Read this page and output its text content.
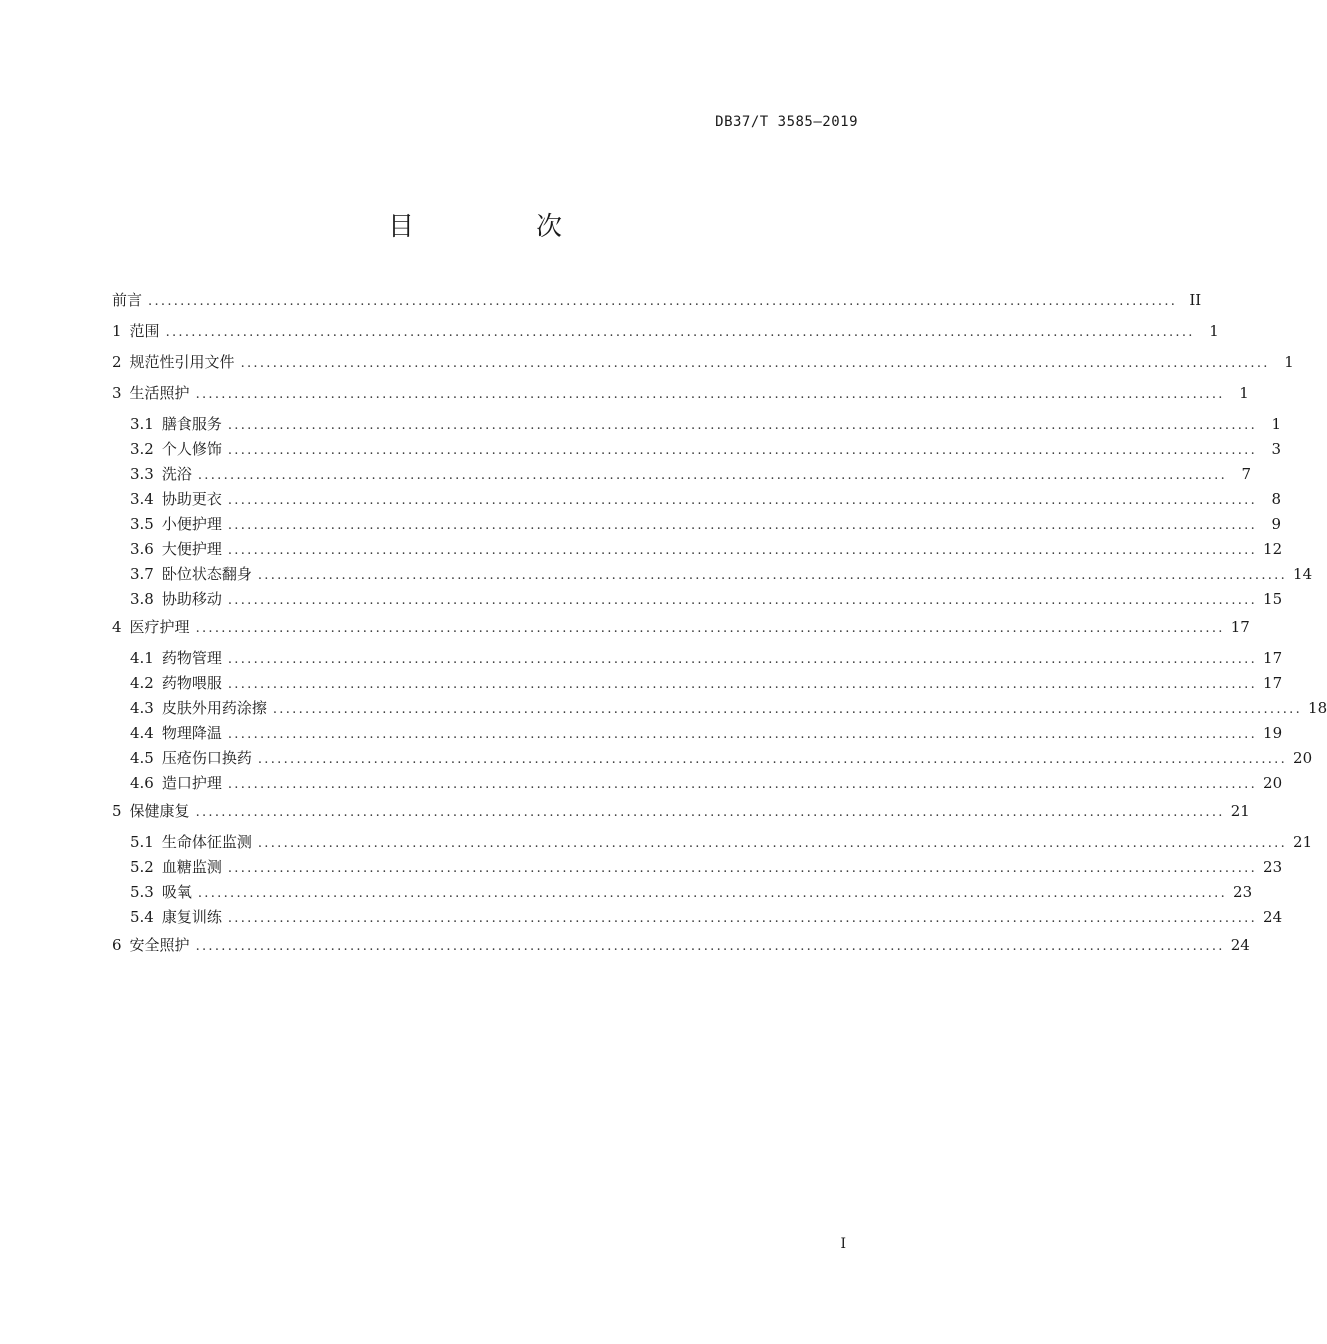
DB37/T 3585—2019
目　次
前言 ................................................................................................................................................................ II
1 范围 ................................................................................................................................................................ 1
2 规范性引用文件 ................................................................................................................................................................ 1
3 生活照护 ................................................................................................................................................................ 1
3.1 膳食服务 ................................................................................................................................................................ 1
3.2 个人修饰 ................................................................................................................................................................ 3
3.3 洗浴 ................................................................................................................................................................ 7
3.4 协助更衣 ................................................................................................................................................................ 8
3.5 小便护理 ................................................................................................................................................................ 9
3.6 大便护理 ................................................................................................................................................................ 12
3.7 卧位状态翻身 ................................................................................................................................................................ 14
3.8 协助移动 ................................................................................................................................................................ 15
4 医疗护理 ................................................................................................................................................................ 17
4.1 药物管理 ................................................................................................................................................................ 17
4.2 药物喂服 ................................................................................................................................................................ 17
4.3 皮肤外用药涂擦 ................................................................................................................................................................ 18
4.4 物理降温 ................................................................................................................................................................ 19
4.5 压疮伤口换药 ................................................................................................................................................................ 20
4.6 造口护理 ................................................................................................................................................................ 20
5 保健康复 ................................................................................................................................................................ 21
5.1 生命体征监测 ................................................................................................................................................................ 21
5.2 血糖监测 ................................................................................................................................................................ 23
5.3 吸氧 ................................................................................................................................................................ 23
5.4 康复训练 ................................................................................................................................................................ 24
6 安全照护 ................................................................................................................................................................ 24
I
